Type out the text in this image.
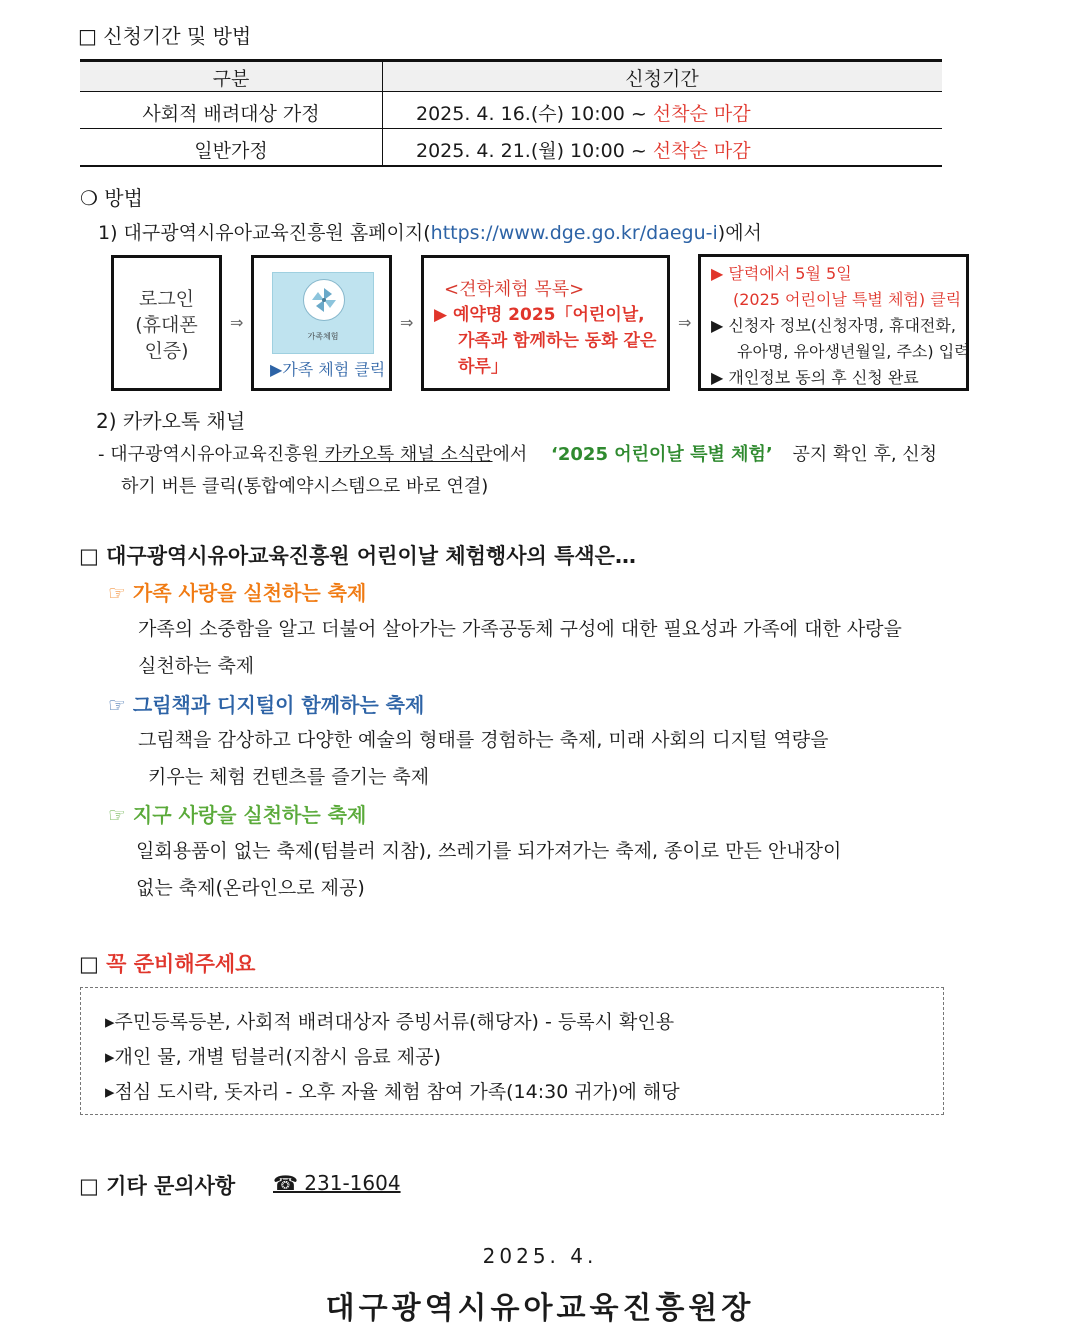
□ 신청기간 및 방법
구분	신청기간
사회적 배려대상 가정	2025. 4. 16.(수) 10:00 ~ 선착순 마감
일반가정	2025. 4. 21.(월) 10:00 ~ 선착순 마감
❍ 방법
1) 대구광역시유아교육진흥원 홈페이지(https://www.dge.go.kr/daegu-i)에서
로그인
(휴대폰
인증)
⇒
가족체험
▶가족 체험 클릭
⇒
<견학체험 목록>
▶ 예약명 2025「어린이날,
가족과 함께하는 동화 같은
하루」
⇒
▶ 달력에서 5월 5일
(2025 어린이날 특별 체험) 클릭
▶ 신청자 정보(신청자명, 휴대전화,
유아명, 유아생년월일, 주소) 입력
▶ 개인정보 동의 후 신청 완료
2) 카카오톡 채널
- 대구광역시유아교육진흥원 카카오톡 채널 소식란에서 ‘2025 어린이날 특별 체험’ 공지 확인 후, 신청
하기 버튼 클릭(통합예약시스템으로 바로 연결)
□ 대구광역시유아교육진흥원 어린이날 체험행사의 특색은…
☞ 가족 사랑을 실천하는 축제
가족의 소중함을 알고 더불어 살아가는 가족공동체 구성에 대한 필요성과 가족에 대한 사랑을
실천하는 축제
☞ 그림책과 디지털이 함께하는 축제
그림책을 감상하고 다양한 예술의 형태를 경험하는 축제, 미래 사회의 디지털 역량을
키우는 체험 컨텐츠를 즐기는 축제
☞ 지구 사랑을 실천하는 축제
일회용품이 없는 축제(텀블러 지참), 쓰레기를 되가져가는 축제, 종이로 만든 안내장이
없는 축제(온라인으로 제공)
□ 꼭 준비해주세요
▸주민등록등본, 사회적 배려대상자 증빙서류(해당자) - 등록시 확인용
▸개인 물, 개별 텀블러(지참시 음료 제공)
▸점심 도시락, 돗자리 - 오후 자율 체험 참여 가족(14:30 귀가)에 해당
□ 기타 문의사항 ☎ 231-1604
2025. 4.
대구광역시유아교육진흥원장
